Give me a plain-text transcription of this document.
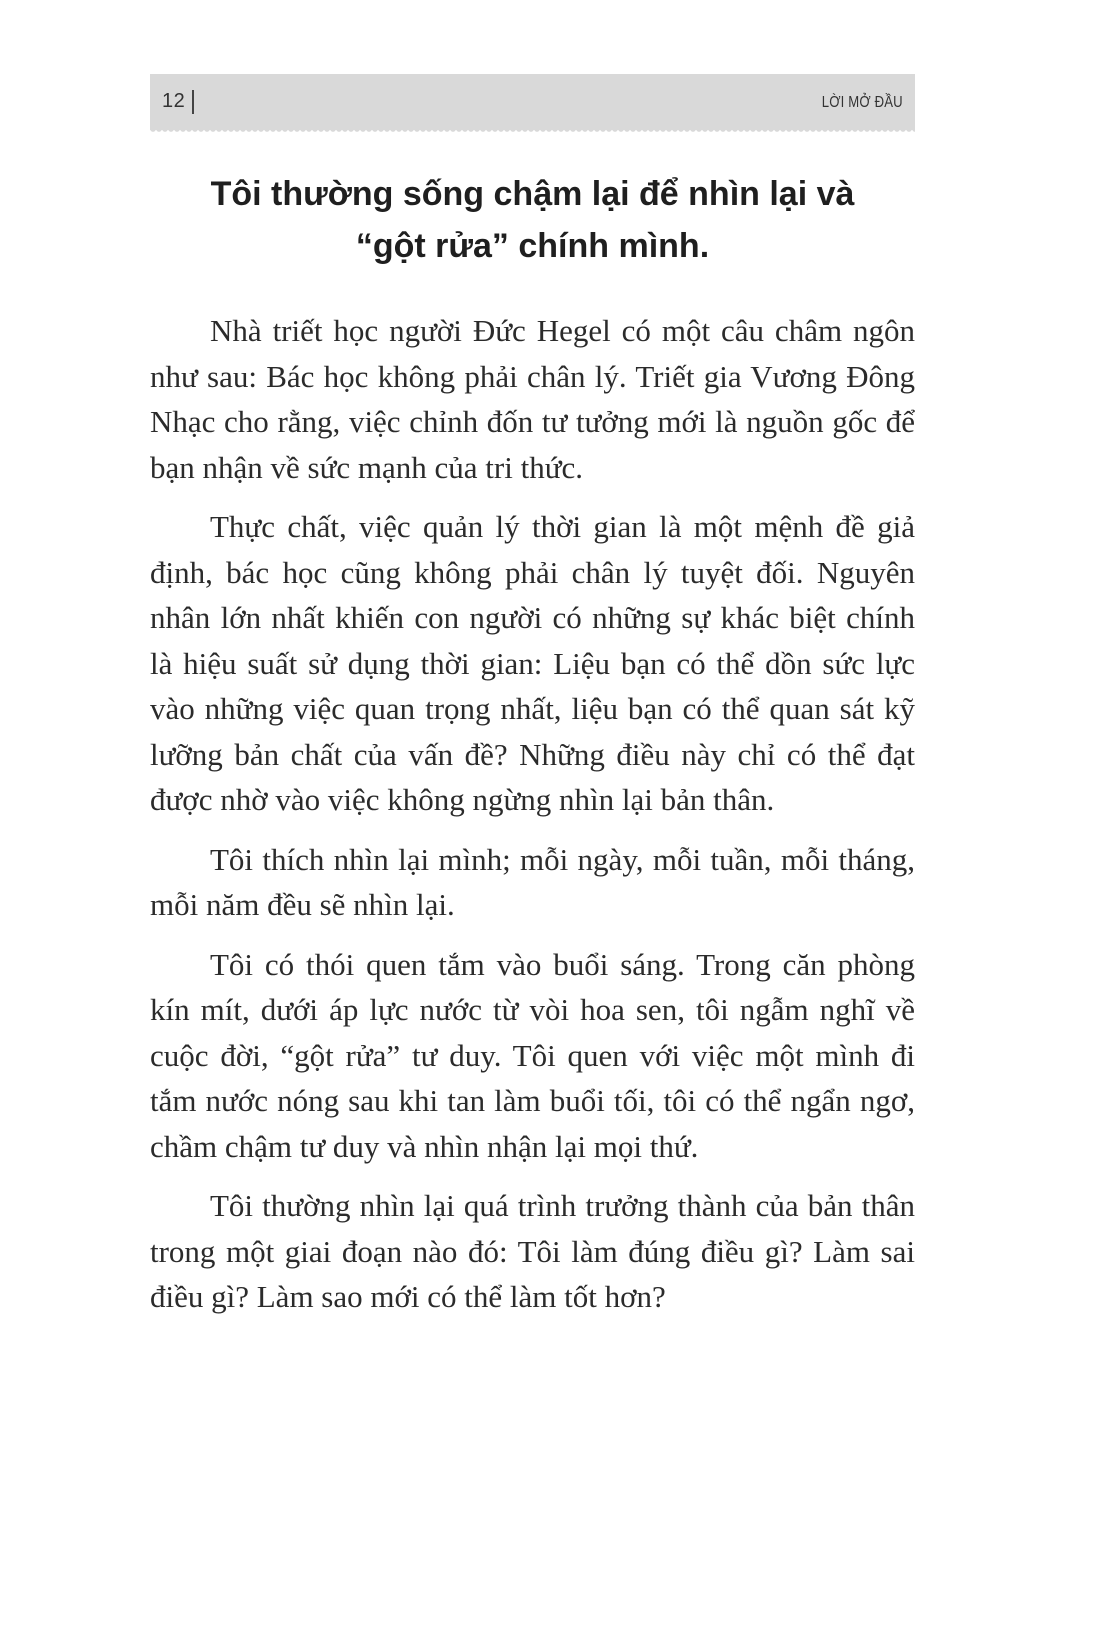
12	LỜI MỞ ĐẦU
Tôi thường sống chậm lại để nhìn lại và
“gột rửa” chính mình.

Nhà triết học người Đức Hegel có một câu châm ngôn như sau: Bác học không phải chân lý. Triết gia Vương Đông Nhạc cho rằng, việc chỉnh đốn tư tưởng mới là nguồn gốc để bạn nhận về sức mạnh của tri thức.

Thực chất, việc quản lý thời gian là một mệnh đề giả định, bác học cũng không phải chân lý tuyệt đối. Nguyên nhân lớn nhất khiến con người có những sự khác biệt chính là hiệu suất sử dụng thời gian: Liệu bạn có thể dồn sức lực vào những việc quan trọng nhất, liệu bạn có thể quan sát kỹ lưỡng bản chất của vấn đề? Những điều này chỉ có thể đạt được nhờ vào việc không ngừng nhìn lại bản thân.

Tôi thích nhìn lại mình; mỗi ngày, mỗi tuần, mỗi tháng, mỗi năm đều sẽ nhìn lại.

Tôi có thói quen tắm vào buổi sáng. Trong căn phòng kín mít, dưới áp lực nước từ vòi hoa sen, tôi ngẫm nghĩ về cuộc đời, “gột rửa” tư duy. Tôi quen với việc một mình đi tắm nước nóng sau khi tan làm buổi tối, tôi có thể ngẩn ngơ, chầm chậm tư duy và nhìn nhận lại mọi thứ.

Tôi thường nhìn lại quá trình trưởng thành của bản thân trong một giai đoạn nào đó: Tôi làm đúng điều gì? Làm sai điều gì? Làm sao mới có thể làm tốt hơn?
